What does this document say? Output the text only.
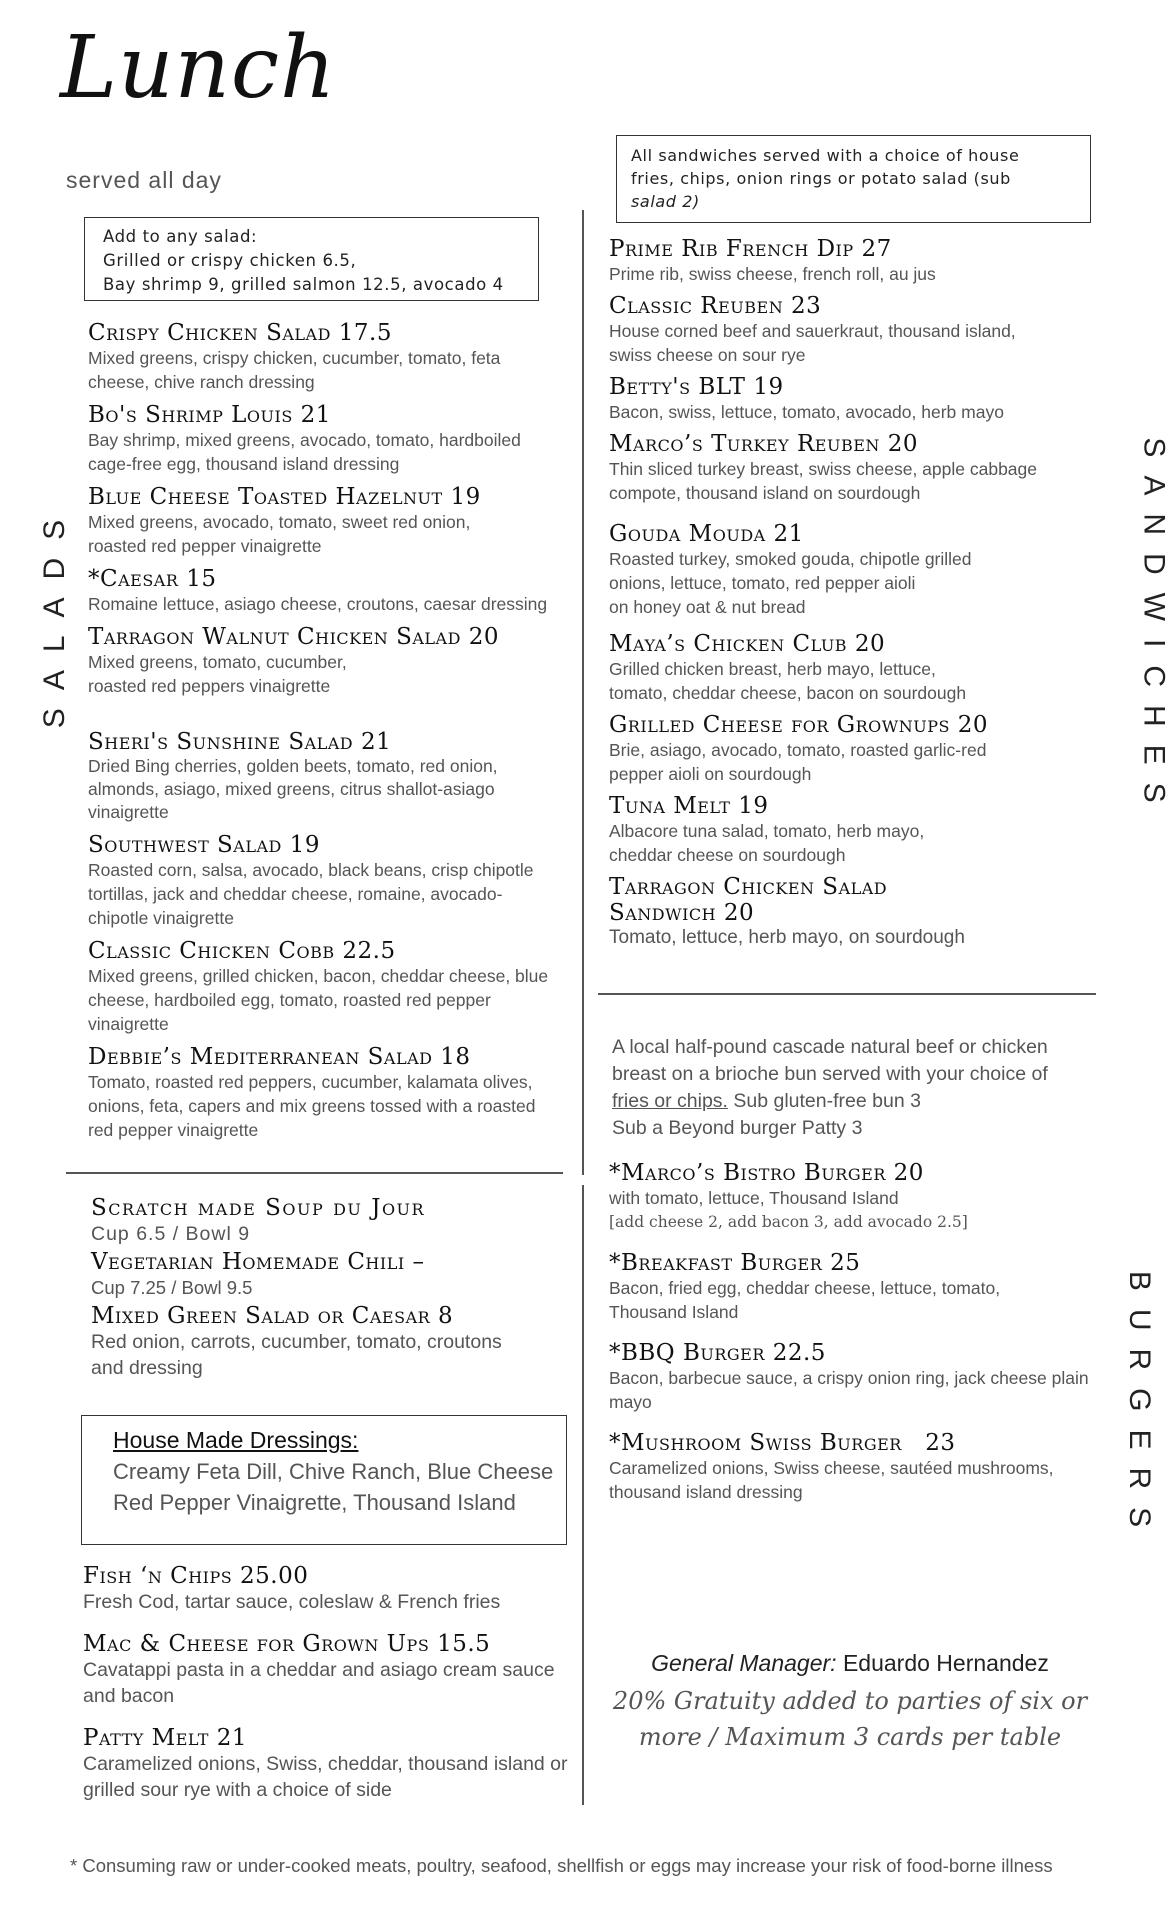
Lunch
served all day
Add to any salad:
Grilled or crispy chicken 6.5,
Bay shrimp 9, grilled salmon 12.5, avocado 4
All sandwiches served with a choice of house
fries, chips, onion rings or potato salad (sub
salad 2)
SALADS	SANDWICHES
BURGERS
Crispy Chicken Salad 17.5
Mixed greens, crispy chicken, cucumber, tomato, feta
cheese, chive ranch dressing
Bo's Shrimp Louis 21
Bay shrimp, mixed greens, avocado, tomato, hardboiled
cage-free egg, thousand island dressing
Blue Cheese Toasted Hazelnut 19
Mixed greens, avocado, tomato, sweet red onion,
roasted red pepper vinaigrette
*Caesar 15
Romaine lettuce, asiago cheese, croutons, caesar dressing
Tarragon Walnut Chicken Salad 20
Mixed greens, tomato, cucumber,
roasted red peppers vinaigrette
Sheri's Sunshine Salad 21
Dried Bing cherries, golden beets, tomato, red onion,
almonds, asiago, mixed greens, citrus shallot-asiago
vinaigrette
Southwest Salad 19
Roasted corn, salsa, avocado, black beans, crisp chipotle
tortillas, jack and cheddar cheese, romaine, avocado-
chipotle vinaigrette
Classic Chicken Cobb 22.5
Mixed greens, grilled chicken, bacon, cheddar cheese, blue
cheese, hardboiled egg, tomato, roasted red pepper
vinaigrette
Debbie’s Mediterranean Salad 18
Tomato, roasted red peppers, cucumber, kalamata olives,
onions, feta, capers and mix greens tossed with a roasted
red pepper vinaigrette
Scratch made Soup du Jour
Cup 6.5 / Bowl 9
Vegetarian Homemade Chili –
Cup 7.25 / Bowl 9.5
Mixed Green Salad or Caesar 8
Red onion, carrots, cucumber, tomato, croutons
and dressing
House Made Dressings:
Creamy Feta Dill, Chive Ranch, Blue Cheese
Red Pepper Vinaigrette, Thousand Island
Fish ‘n Chips 25.00
Fresh Cod, tartar sauce, coleslaw & French fries
Mac & Cheese for Grown Ups 15.5
Cavatappi pasta in a cheddar and asiago cream sauce
and bacon
Patty Melt 21
Caramelized onions, Swiss, cheddar, thousand island or
grilled sour rye with a choice of side
Prime Rib French Dip 27
Prime rib, swiss cheese, french roll, au jus
Classic Reuben 23
House corned beef and sauerkraut, thousand island,
swiss cheese on sour rye
Betty's BLT 19
Bacon, swiss, lettuce, tomato, avocado, herb mayo
Marco’s Turkey Reuben 20
Thin sliced turkey breast, swiss cheese, apple cabbage
compote, thousand island on sourdough
Gouda Mouda 21
Roasted turkey, smoked gouda, chipotle grilled
onions, lettuce, tomato, red pepper aioli
on honey oat & nut bread
Maya’s Chicken Club 20
Grilled chicken breast, herb mayo, lettuce,
tomato, cheddar cheese, bacon on sourdough
Grilled Cheese for Grownups 20
Brie, asiago, avocado, tomato, roasted garlic-red
pepper aioli on sourdough
Tuna Melt 19
Albacore tuna salad, tomato, herb mayo,
cheddar cheese on sourdough
Tarragon Chicken Salad
Sandwich 20
Tomato, lettuce, herb mayo, on sourdough
A local half-pound cascade natural beef or chicken
breast on a brioche bun served with your choice of
fries or chips. Sub gluten-free bun 3
Sub a Beyond burger Patty 3
*Marco’s Bistro Burger 20
with tomato, lettuce, Thousand Island
[add cheese 2, add bacon 3, add avocado 2.5]
*Breakfast Burger 25
Bacon, fried egg, cheddar cheese, lettuce, tomato,
Thousand Island
*BBQ Burger 22.5
Bacon, barbecue sauce, a crispy onion ring, jack cheese plain
mayo
*Mushroom Swiss Burger   23
Caramelized onions, Swiss cheese, sautéed mushrooms,
thousand island dressing
General Manager: Eduardo Hernandez
20% Gratuity added to parties of six or
more / Maximum 3 cards per table
* Consuming raw or under-cooked meats, poultry, seafood, shellfish or eggs may increase your risk of food-borne illness
